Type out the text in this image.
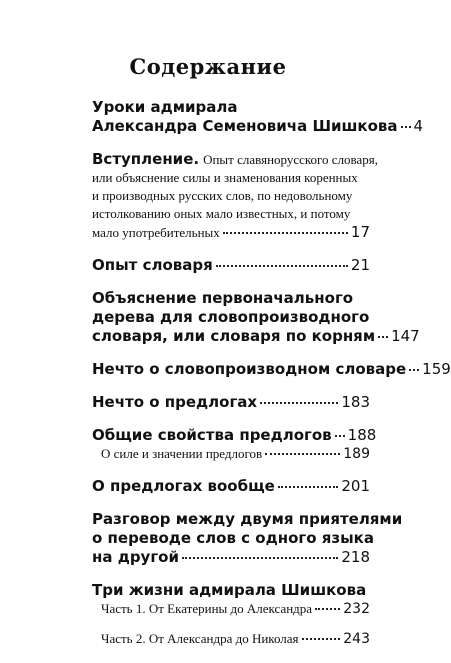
Содержание
Уроки адмирала
Александра Семеновича Шишкова 4
Вступление.
Опыт славянорусского словаря,
или объяснение силы и знаменования коренных
и производных русских слов, по недовольному
истолкованию оных мало известных, и потому
мало употребительных	17
Опыт словаря	21
Объяснение первоначального
дерева для словопроизводного
словаря, или словаря по корням 147
Нечто о словопроизводном словаре 159
Нечто о предлогах	183
Общие свойства предлогов 188
О силе и значении предлогов	189
О предлогах вообще	201
Разговор между двумя приятелями
о переводе слов с одного языка
на другой	218
Три жизни адмирала Шишкова
Часть 1. От Екатерины до Александра 232
Часть 2. От Александра до Николая	243
